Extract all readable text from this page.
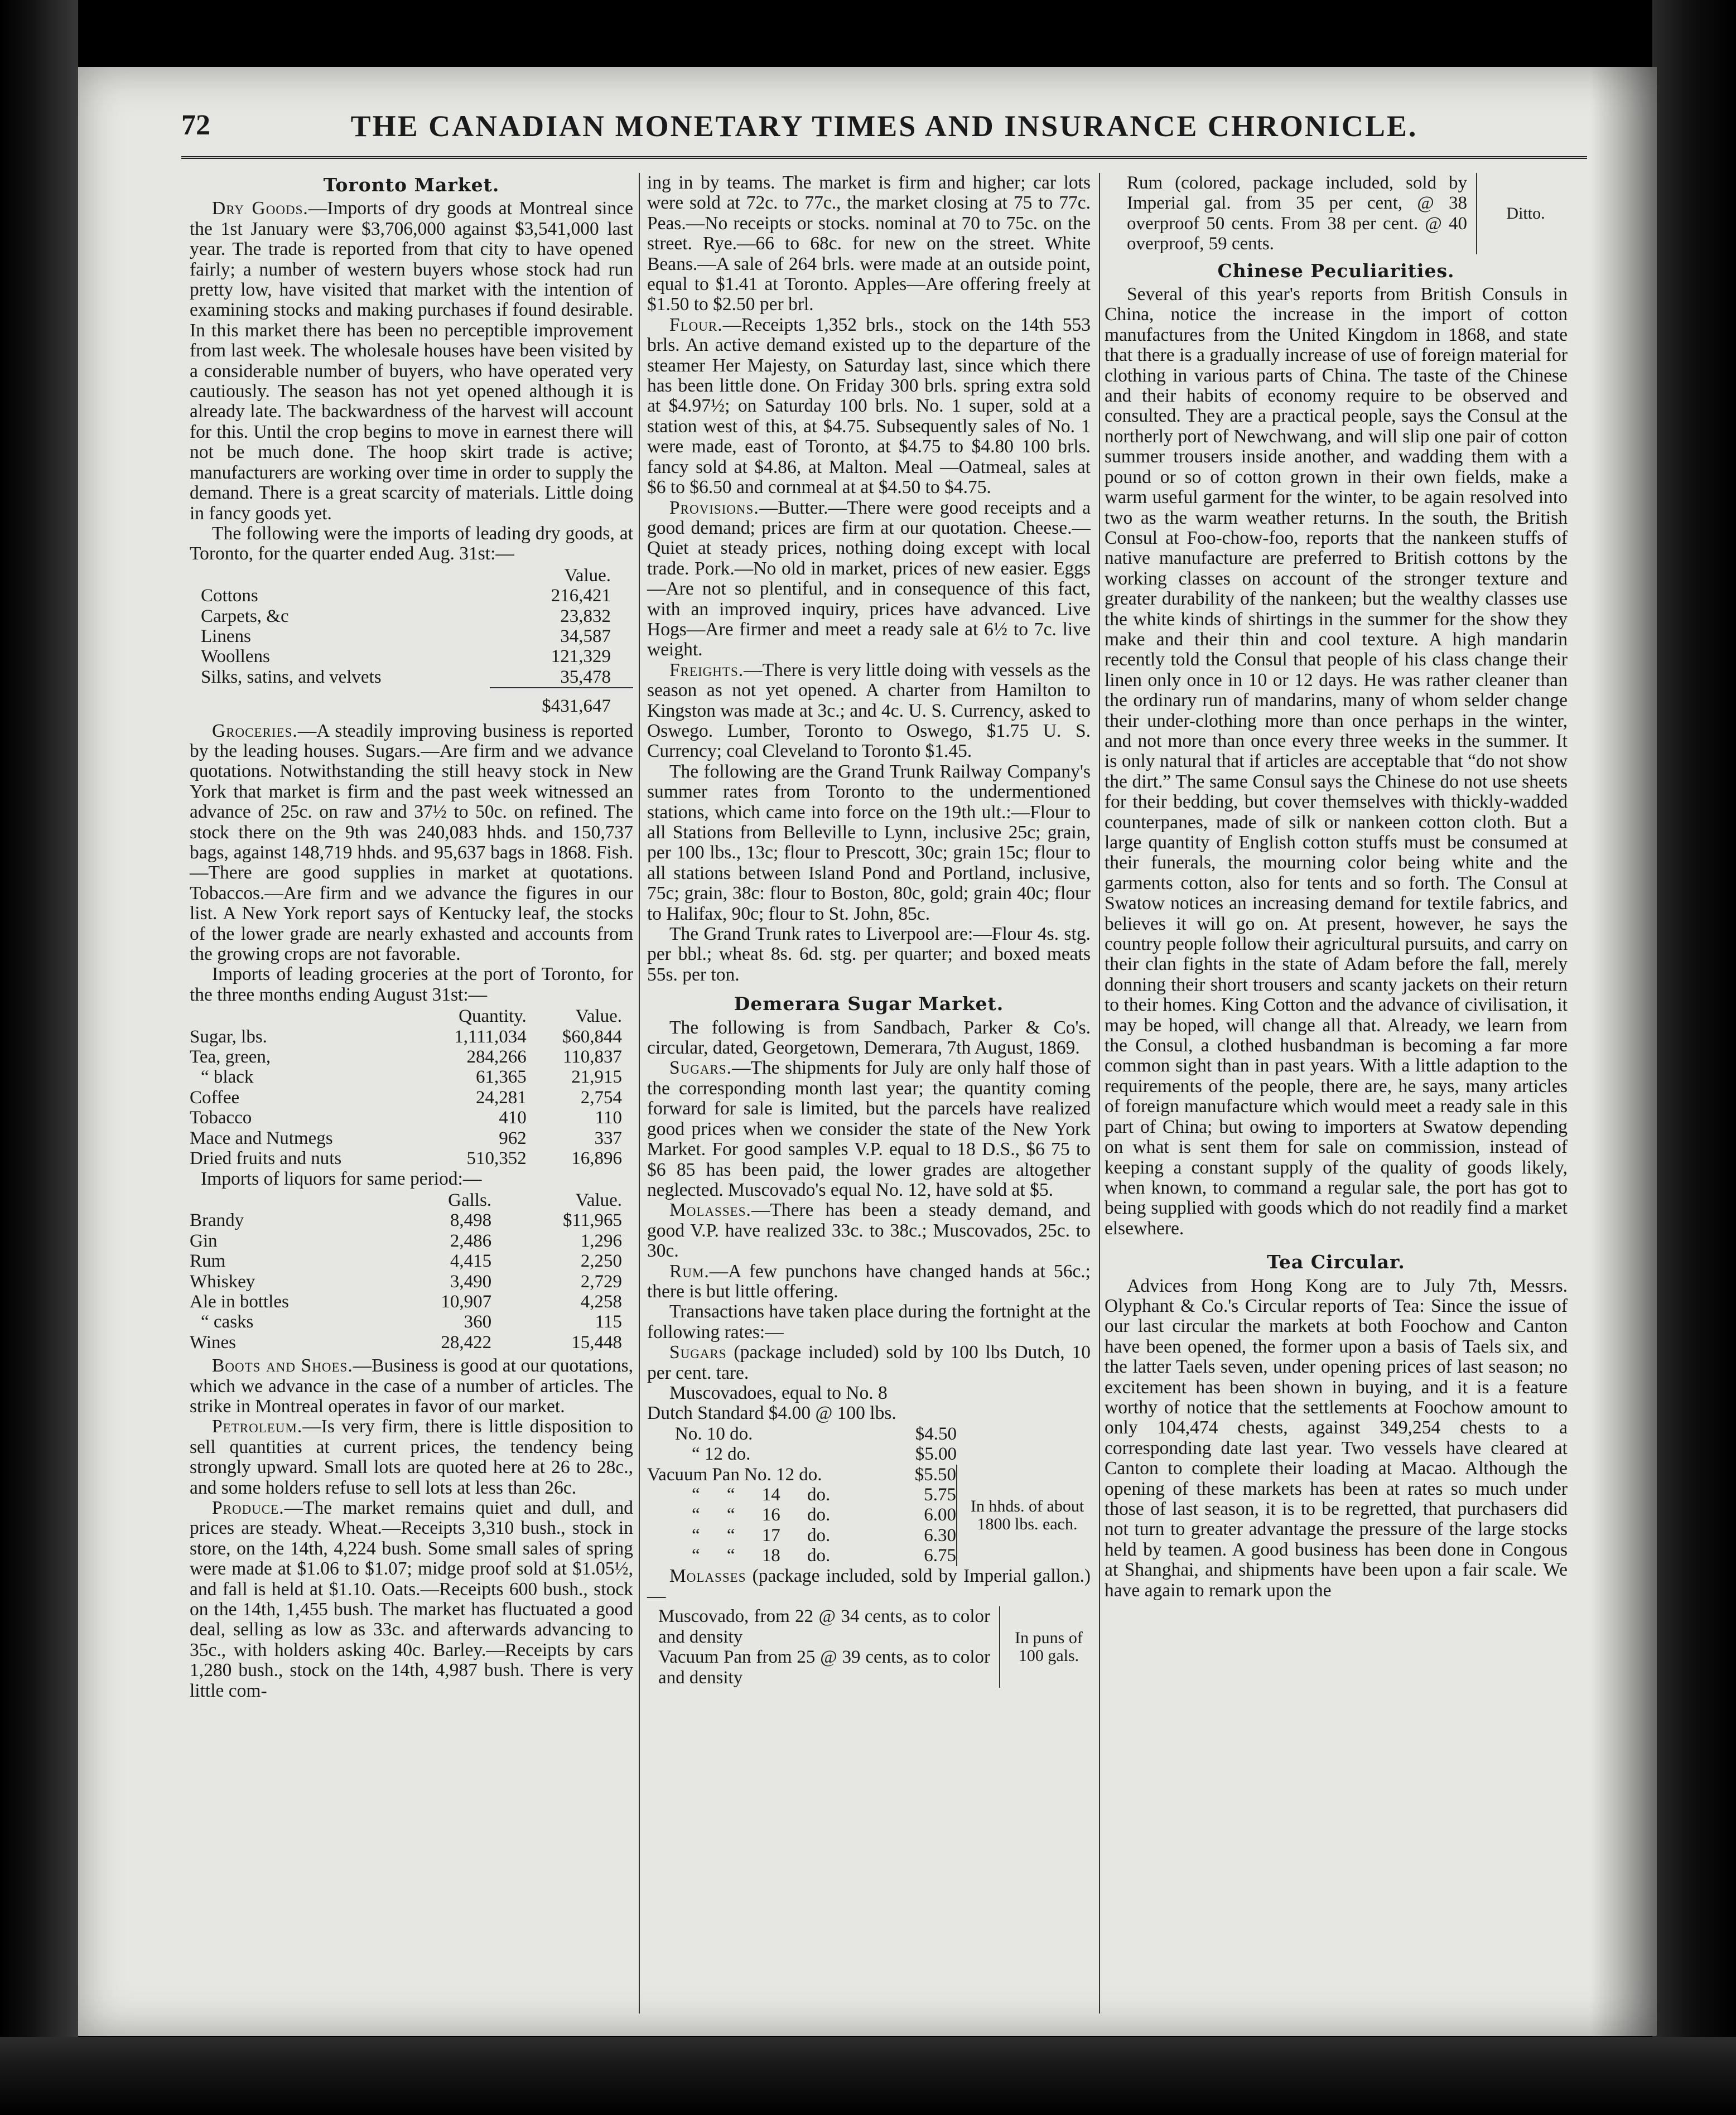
72	THE CANADIAN MONETARY TIMES AND INSURANCE CHRONICLE.
Toronto Market.

Dry Goods.—Imports of dry goods at Montreal since the 1st January were $3,706,000 against $3,541,000 last year. The trade is reported from that city to have opened fairly; a number of western buyers whose stock had run pretty low, have visited that market with the intention of examining stocks and making purchases if found desirable. In this market there has been no perceptible improvement from last week. The wholesale houses have been visited by a considerable number of buyers, who have operated very cautiously. The season has not yet opened although it is already late. The backwardness of the harvest will account for this. Until the crop begins to move in earnest there will not be much done. The hoop skirt trade is active; manufacturers are working over time in order to supply the demand. There is a great scarcity of materials. Little doing in fancy goods yet.

The following were the imports of leading dry goods, at Toronto, for the quarter ended Aug. 31st:—

	Value.
Cottons	216,421
Carpets, &c	23,832
Linens	34,587
Woollens	121,329
Silks, satins, and velvets	35,478
	$431,647

Groceries.—A steadily improving business is reported by the leading houses. Sugars.—Are firm and we advance quotations. Notwithstanding the still heavy stock in New York that market is firm and the past week witnessed an advance of 25c. on raw and 37½ to 50c. on refined. The stock there on the 9th was 240,083 hhds. and 150,737 bags, against 148,719 hhds. and 95,637 bags in 1868. Fish.—There are good supplies in market at quotations. Tobaccos.—Are firm and we advance the figures in our list. A New York report says of Kentucky leaf, the stocks of the lower grade are nearly exhasted and accounts from the growing crops are not favorable.

Imports of leading groceries at the port of Toronto, for the three months ending August 31st:—

	Quantity.	Value.
Sugar, lbs.	1,111,034	$60,844
Tea, green,	284,266	110,837
“ black	61,365	21,915
Coffee	24,281	2,754
Tobacco	410	110
Mace and Nutmegs	962	337
Dried fruits and nuts	510,352	16,896

Imports of liquors for same period:—

	Galls.	Value.
Brandy	8,498	$11,965
Gin	2,486	1,296
Rum	4,415	2,250
Whiskey	3,490	2,729
Ale in bottles	10,907	4,258
“ casks	360	115
Wines	28,422	15,448

Boots and Shoes.—Business is good at our quotations, which we advance in the case of a number of articles. The strike in Montreal operates in favor of our market.

Petroleum.—Is very firm, there is little disposition to sell quantities at current prices, the tendency being strongly upward. Small lots are quoted here at 26 to 28c., and some holders refuse to sell lots at less than 26c.

Produce.—The market remains quiet and dull, and prices are steady. Wheat.—Receipts 3,310 bush., stock in store, on the 14th, 4,224 bush. Some small sales of spring were made at $1.06 to $1.07; midge proof sold at $1.05½, and fall is held at $1.10. Oats.—Receipts 600 bush., stock on the 14th, 1,455 bush. The market has fluctuated a good deal, selling as low as 33c. and afterwards advancing to 35c., with holders asking 40c. Barley.—Receipts by cars 1,280 bush., stock on the 14th, 4,987 bush. There is very little com-

ing in by teams. The market is firm and higher; car lots were sold at 72c. to 77c., the market closing at 75 to 77c. Peas.—No receipts or stocks. nominal at 70 to 75c. on the street. Rye.—66 to 68c. for new on the street. White Beans.—A sale of 264 brls. were made at an outside point, equal to $1.41 at Toronto. Apples—Are offering freely at $1.50 to $2.50 per brl.

Flour.—Receipts 1,352 brls., stock on the 14th 553 brls. An active demand existed up to the departure of the steamer Her Majesty, on Saturday last, since which there has been little done. On Friday 300 brls. spring extra sold at $4.97½; on Saturday 100 brls. No. 1 super, sold at a station west of this, at $4.75. Subsequently sales of No. 1 were made, east of Toronto, at $4.75 to $4.80 100 brls. fancy sold at $4.86, at Malton. Meal —Oatmeal, sales at $6 to $6.50 and cornmeal at at $4.50 to $4.75.

Provisions.—Butter.—There were good receipts and a good demand; prices are firm at our quotation. Cheese.—Quiet at steady prices, nothing doing except with local trade. Pork.—No old in market, prices of new easier. Eggs—Are not so plentiful, and in consequence of this fact, with an improved inquiry, prices have advanced. Live Hogs—Are firmer and meet a ready sale at 6½ to 7c. live weight.

Freights.—There is very little doing with vessels as the season as not yet opened. A charter from Hamilton to Kingston was made at 3c.; and 4c. U. S. Currency, asked to Oswego. Lumber, Toronto to Oswego, $1.75 U. S. Currency; coal Cleveland to Toronto $1.45.

The following are the Grand Trunk Railway Company's summer rates from Toronto to the undermentioned stations, which came into force on the 19th ult.:—Flour to all Stations from Belleville to Lynn, inclusive 25c; grain, per 100 lbs., 13c; flour to Prescott, 30c; grain 15c; flour to all stations between Island Pond and Portland, inclusive, 75c; grain, 38c: flour to Boston, 80c, gold; grain 40c; flour to Halifax, 90c; flour to St. John, 85c.

The Grand Trunk rates to Liverpool are:—Flour 4s. stg. per bbl.; wheat 8s. 6d. stg. per quarter; and boxed meats 55s. per ton.

Demerara Sugar Market.

The following is from Sandbach, Parker & Co's. circular, dated, Georgetown, Demerara, 7th August, 1869.

Sugars.—The shipments for July are only half those of the corresponding month last year; the quantity coming forward for sale is limited, but the parcels have realized good prices when we consider the state of the New York Market. For good samples V.P. equal to 18 D.S., $6 75 to $6 85 has been paid, the lower grades are altogether neglected. Muscovado's equal No. 12, have sold at $5.

Molasses.—There has been a steady demand, and good V.P. have realized 33c. to 38c.; Muscovados, 25c. to 30c.

Rum.—A few punchons have changed hands at 56c.; there is but little offering.

Transactions have taken place during the fortnight at the following rates:—

Sugars (package included) sold by 100 lbs Dutch, 10 per cent. tare.

Muscovadoes, equal to No. 8

Dutch Standard $4.00 @ 100 lbs.

No. 10 do.	$4.50	
“ 12 do.	$5.00	
Vacuum Pan No. 12 do.	$5.50	In hhds. of about 1800 lbs. each.
“ “ 14 do.	5.75	
“ “ 16 do.	6.00	
“ “ 17 do.	6.30	
“ “ 18 do.	6.75	

Molasses (package included, sold by Imperial gallon.)—

Muscovado, from 22 @ 34 cents, as to color and density	In puns of 100 gals.
Vacuum Pan from 25 @ 39 cents, as to color and density
Rum (colored, package included, sold by Imperial gal. from 35 per cent, @ 38 overproof 50 cents. From 38 per cent. @ 40 overproof, 59 cents.	Ditto.
Chinese Peculiarities.

Several of this year's reports from British Consuls in China, notice the increase in the import of cotton manufactures from the United Kingdom in 1868, and state that there is a gradually increase of use of foreign material for clothing in various parts of China. The taste of the Chinese and their habits of economy require to be observed and consulted. They are a practical people, says the Consul at the northerly port of Newchwang, and will slip one pair of cotton summer trousers inside another, and wadding them with a pound or so of cotton grown in their own fields, make a warm useful garment for the winter, to be again resolved into two as the warm weather returns. In the south, the British Consul at Foo-chow-foo, reports that the nankeen stuffs of native manufacture are preferred to British cottons by the working classes on account of the stronger texture and greater durability of the nankeen; but the wealthy classes use the white kinds of shirtings in the summer for the show they make and their thin and cool texture. A high mandarin recently told the Consul that people of his class change their linen only once in 10 or 12 days. He was rather cleaner than the ordinary run of mandarins, many of whom selder change their under-clothing more than once perhaps in the winter, and not more than once every three weeks in the summer. It is only natural that if articles are acceptable that “do not show the dirt.” The same Consul says the Chinese do not use sheets for their bedding, but cover themselves with thickly-wadded counterpanes, made of silk or nankeen cotton cloth. But a large quantity of English cotton stuffs must be consumed at their funerals, the mourning color being white and the garments cotton, also for tents and so forth. The Consul at Swatow notices an increasing demand for textile fabrics, and believes it will go on. At present, however, he says the country people follow their agricultural pursuits, and carry on their clan fights in the state of Adam before the fall, merely donning their short trousers and scanty jackets on their return to their homes. King Cotton and the advance of civilisation, it may be hoped, will change all that. Already, we learn from the Consul, a clothed husbandman is becoming a far more common sight than in past years. With a little adaption to the requirements of the people, there are, he says, many articles of foreign manufacture which would meet a ready sale in this part of China; but owing to importers at Swatow depending on what is sent them for sale on commission, instead of keeping a constant supply of the quality of goods likely, when known, to command a regular sale, the port has got to being supplied with goods which do not readily find a market elsewhere.

Tea Circular.

Advices from Hong Kong are to July 7th, Messrs. Olyphant & Co.'s Circular reports of Tea: Since the issue of our last circular the markets at both Foochow and Canton have been opened, the former upon a basis of Taels six, and the latter Taels seven, under opening prices of last season; no excitement has been shown in buying, and it is a feature worthy of notice that the settlements at Foochow amount to only 104,474 chests, against 349,254 chests to a corresponding date last year. Two vessels have cleared at Canton to complete their loading at Macao. Although the opening of these markets has been at rates so much under those of last season, it is to be regretted, that purchasers did not turn to greater advantage the pressure of the large stocks held by teamen. A good business has been done in Congous at Shanghai, and shipments have been upon a fair scale. We have again to remark upon the
